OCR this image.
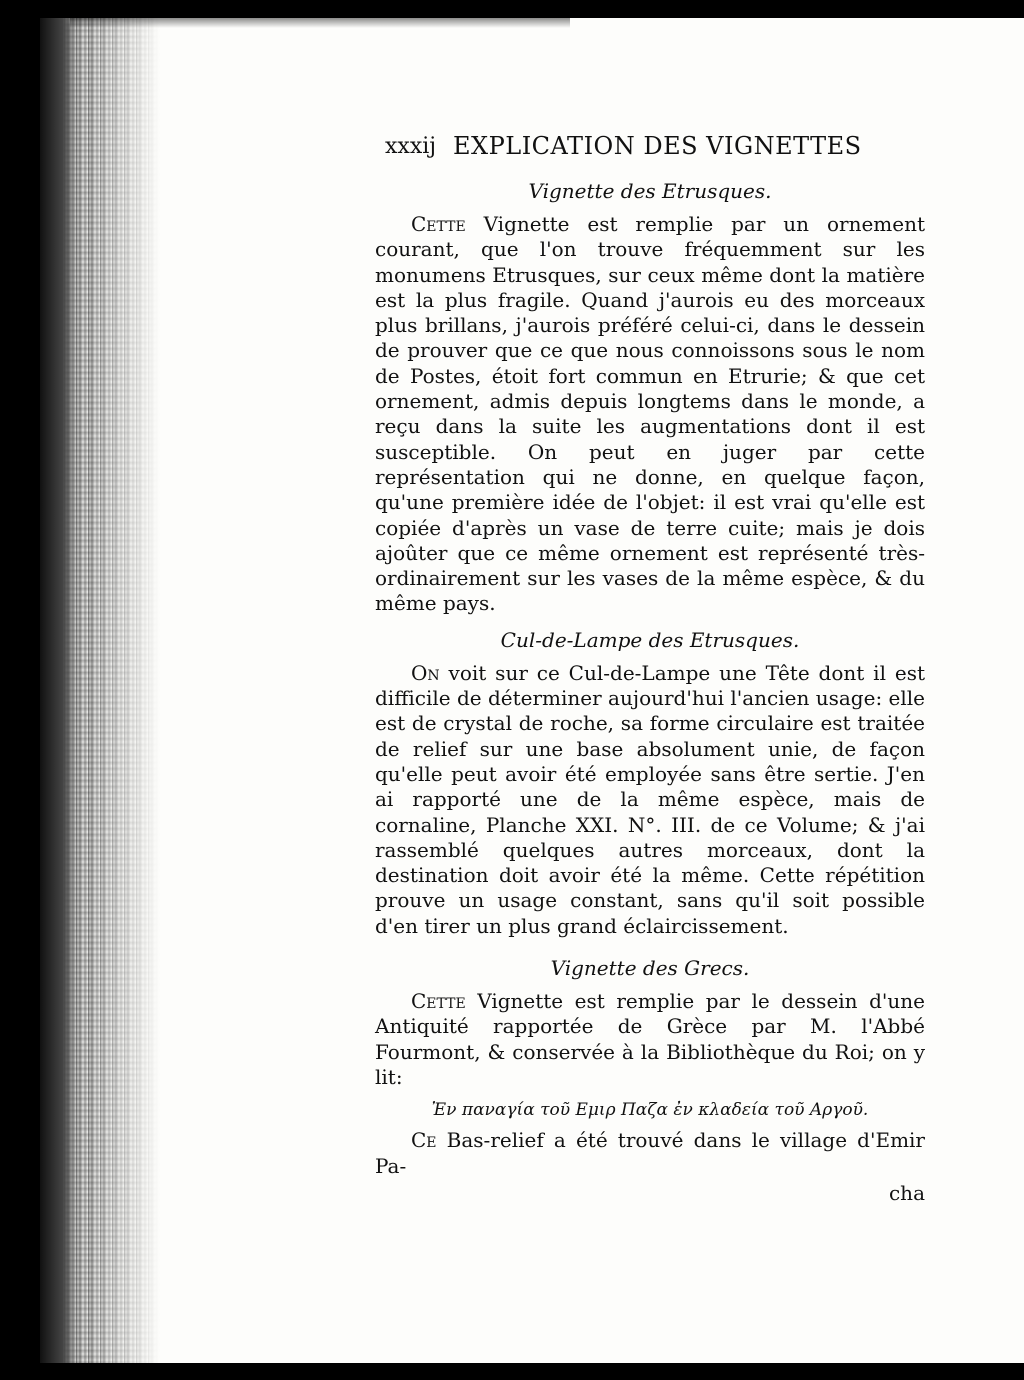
xxxij EXPLICATION DES VIGNETTES
Vignette des Etrusques.

Cette Vignette est remplie par un ornement courant, que l'on trouve fréquemment sur les monumens Etrusques, sur ceux même dont la matière est la plus fragile. Quand j'aurois eu des morceaux plus brillans, j'aurois préféré celui-ci, dans le dessein de prouver que ce que nous connoissons sous le nom de Postes, étoit fort commun en Etrurie; & que cet ornement, admis depuis longtems dans le monde, a reçu dans la suite les augmentations dont il est susceptible. On peut en juger par cette représentation qui ne donne, en quelque façon, qu'une première idée de l'objet: il est vrai qu'elle est copiée d'après un vase de terre cuite; mais je dois ajoûter que ce même ornement est représenté très-ordinairement sur les vases de la même espèce, & du même pays.

Cul-de-Lampe des Etrusques.

On voit sur ce Cul-de-Lampe une Tête dont il est difficile de déterminer aujourd'hui l'ancien usage: elle est de crystal de roche, sa forme circulaire est traitée de relief sur une base absolument unie, de façon qu'elle peut avoir été employée sans être sertie. J'en ai rapporté une de la même espèce, mais de cornaline, Planche XXI. N°. III. de ce Volume; & j'ai rassemblé quelques autres morceaux, dont la destination doit avoir été la même. Cette répétition prouve un usage constant, sans qu'il soit possible d'en tirer un plus grand éclaircissement.

Vignette des Grecs.

Cette Vignette est remplie par le dessein d'une Antiquité rapportée de Grèce par M. l'Abbé Fourmont, & conservée à la Bibliothèque du Roi; on y lit:

Ἐν παναγία τοῦ Εμιρ Παζα ἐν κλαδεία τοῦ Αργοῦ.

Ce Bas-relief a été trouvé dans le village d'Emir Pa-

cha
